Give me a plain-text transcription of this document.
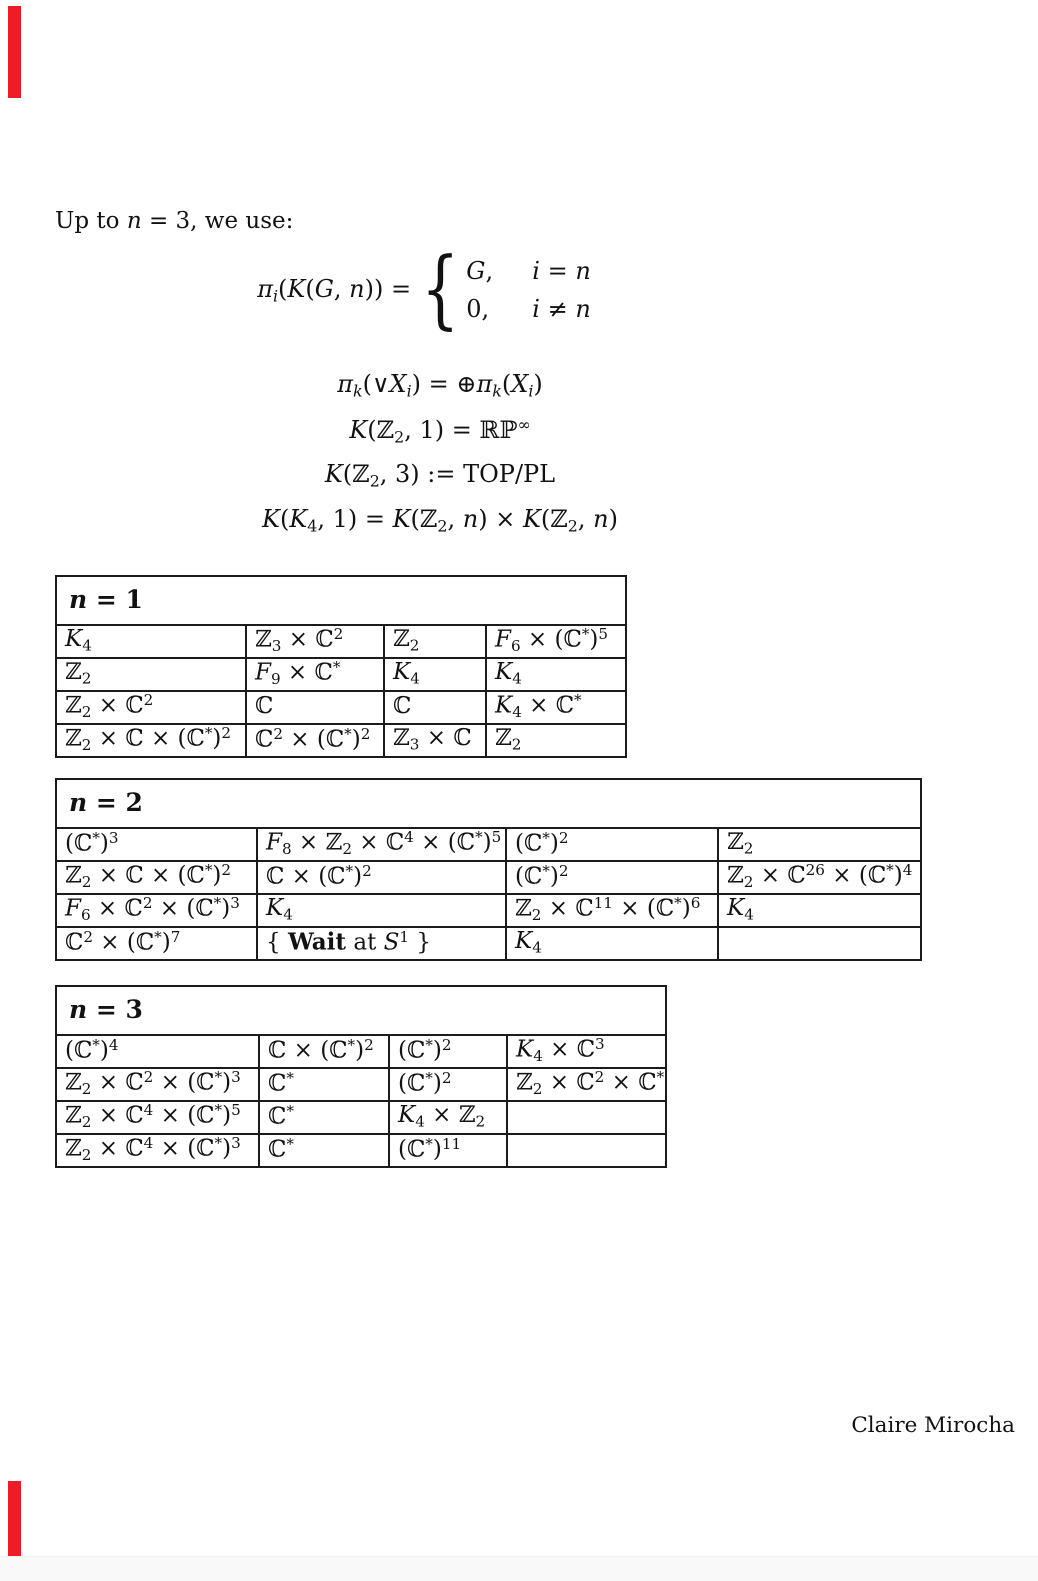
Up to n = 3, we use:
$\pi_i(K(G$, n)) = { G,	i = n
0,	i ≠ n
$\pi_k(\vee X_i)$ = $\oplus\pi_k(X_i)$
K(ℤ$_2$, 1) = ℝℙ∞
K(ℤ$_2$, 3) := TOP/PL
$K(K_4$, 1) = K(ℤ$_2$, n) × K(ℤ$_2$, n)
n = 1			
$K_4$	ℤ$_3$ × ℂ$^2$	ℤ$_2$	$F_6$ × (ℂ*)$^5$
ℤ$_2$	$F_9$ × ℂ*	$K_4$	$K_4$
ℤ$_2$ × ℂ$^2$	ℂ	ℂ	$K_4$ × ℂ*
ℤ$_2$ × ℂ × (ℂ*)$^2$	ℂ$^2$ × (ℂ*)$^2$	ℤ$_3$ × ℂ	ℤ$_2$
n = 2			
(ℂ*)$^3$	$F_8$ × ℤ$_2$ × ℂ$^4$ × (ℂ*)$^5$	(ℂ*)$^2$	ℤ$_2$
ℤ$_2$ × ℂ × (ℂ*)$^2$	ℂ × (ℂ*)$^2$	(ℂ*)$^2$	ℤ$_2$ × ℂ$^{26}$ × (ℂ*)$^4$
$F_6$ × ℂ$^2$ × (ℂ*)$^3$	$K_4$	ℤ$_2$ × ℂ$^{11}$ × (ℂ*)$^6$	$K_4$
ℂ$^2$ × (ℂ*)$^7$	{ Wait at $S^1$ }	$K_4$	
n = 3			
(ℂ*)$^4$	ℂ × (ℂ*)$^2$	(ℂ*)$^2$	$K_4$ × ℂ$^3$
ℤ$_2$ × ℂ$^2$ × (ℂ*)$^3$	ℂ*	(ℂ*)$^2$	ℤ$_2$ × ℂ$^2$ × ℂ*
ℤ$_2$ × ℂ$^4$ × (ℂ*)$^5$	ℂ*	$K_4$ × ℤ$_2$	
ℤ$_2$ × ℂ$^4$ × (ℂ*)$^3$	ℂ*	(ℂ*)$^{11}$	
Claire Mirocha
